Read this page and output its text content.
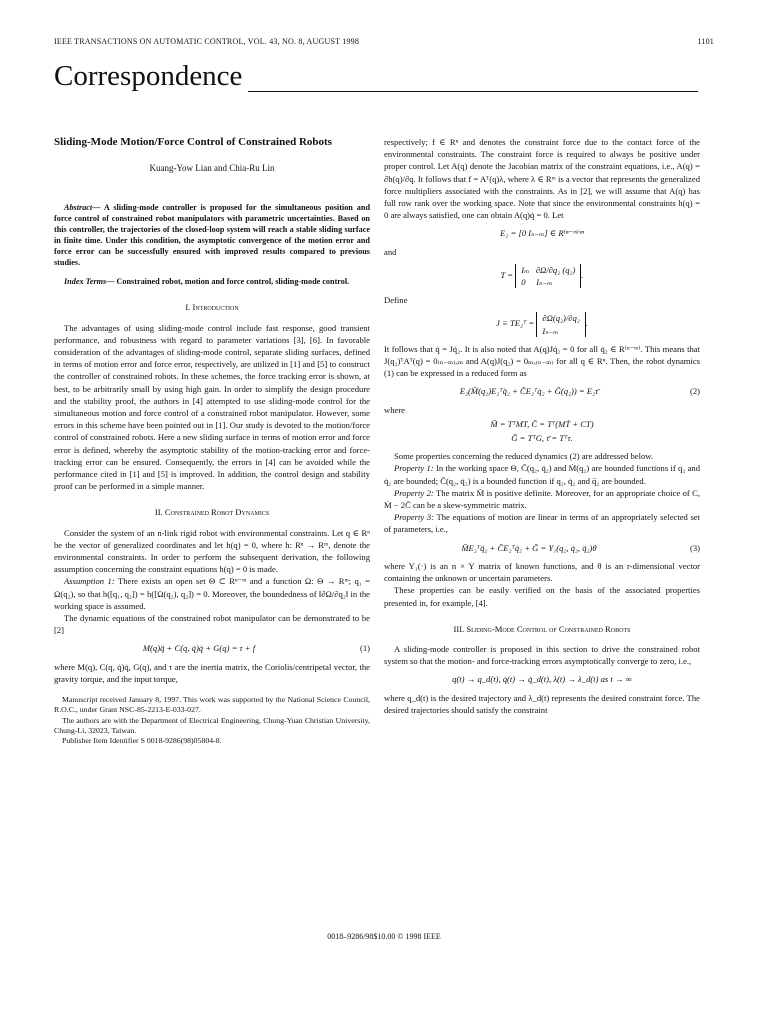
IEEE TRANSACTIONS ON AUTOMATIC CONTROL, VOL. 43, NO. 8, AUGUST 1998	1101
Correspondence

Sliding-Mode Motion/Force Control of Constrained Robots

Kuang-Yow Lian and Chia-Ru Lin

Abstract— A sliding-mode controller is proposed for the simultaneous position and force control of constrained robot manipulators with parametric uncertainties. Based on this controller, the trajectories of the closed-loop system will reach a stable sliding surface in finite time. Under this condition, the asymptotic convergence of the motion error and force error can be successfully ensured with improved results compared to previous studies.

Index Terms— Constrained robot, motion and force control, sliding-mode control.

I. Introduction

The advantages of using sliding-mode control include fast response, good transient performance, and robustness with regard to parameter variations [3], [6]. In favorable consideration of the advantages of sliding-mode control, separate sliding surfaces, defined in terms of motion error and force error, respectively, are utilized in [1] and [5] to construct the controller of constrained robots. In these schemes, the force tracking error is shown, at best, to be arbitrarily small by using high gain. In order to simplify the design procedure and the stability proof, the authors in [4] attempted to use sliding-mode control for the simultaneous motion and force control of a constrained robot manipulator. However, some errors in this scheme have been pointed out in [1]. Our study is devoted to the motion/force control of constrained robots. Here a new sliding surface in terms of motion error and force error is defined, whereby the asymptotic stability of the motion-tracking error and force-tracking error can be ensured. Consequently, the errors in [4] can be avoided while the performance cited in [1] and [5] is improved. In addition, the control design and stability proof can be performed in a simple manner.

II. Constrained Robot Dynamics

Consider the system of an n-link rigid robot with environmental constraints. Let q ∈ Rⁿ be the vector of generalized coordinates and let h(q) = 0, where h: Rⁿ → Rᵐ, denote the environmental constraints. In order to perform the subsequent derivation, the following assumption concerning the constraint equations h(q) = 0 is made.

Assumption 1: There exists an open set Θ ⊂ Rⁿ⁻ᵐ and a function Ω: Θ → Rᵐ; q₁ = Ω(q₂), so that h([q₁, q₂]) = h([Ω(q₂), q₂]) = 0. Moreover, the boundedness of ‖∂Ω/∂q₂‖ in the working space is assumed.

The dynamic equations of the constrained robot manipulator can be demonstrated to be [2]

M(q)q̈ + C(q, q̇)q̇ + G(q) = τ + f	(1)

where M(q), C(q, q̇)q̇, G(q), and τ are the inertia matrix, the Coriolis/centripetal vector, the gravity torque, and the input torque,

Manuscript received January 8, 1997. This work was supported by the National Science Council, R.O.C., under Grant NSC-85-2213-E-033-027.

The authors are with the Department of Electrical Engineering, Chung-Yuan Christian University, Chung-Li, 32023, Taiwan.

Publisher Item Identifier S 0018-9286(98)05804-8.

respectively; f ∈ Rⁿ and denotes the constraint force due to the contact force of the environmental constraints. The constraint force is required to always be positive under proper control. Let A(q) denote the Jacobian matrix of the constraint equations, i.e., A(q) = ∂h(q)/∂q. It follows that f = Aᵀ(q)λ, where λ ∈ Rᵐ is a vector that represents the generalized force multipliers associated with the constraints. As in [2], we will assume that A(q) has full row rank over the working space. Note that since the environmental constraints h(q) = 0 are always satisfied, one can obtain A(q)q̇ = 0. Let

E₂ = [0 Iₙ₋ₘ] ∈ R⁽ⁿ⁻ᵐ⁾ˣⁿ

and

T = Iₘ ∂Ω/∂q₂ (q₂)
0 Iₙ₋ₘ.

Define

J ≡ TE₂ᵀ = ∂Ω(q₂)/∂q₂
Iₙ₋ₘ.

It follows that q̇ = Jq̇₂. It is also noted that A(q)Jq̇₂ = 0 for all q̇₂ ∈ R⁽ⁿ⁻ᵐ⁾. This means that J(q₂)ᵀAᵀ(q) = 0₍ₙ₋ₘ₎ₓₘ and A(q)J(q₂) = 0ₘₓ₍ₙ₋ₘ₎ for all q ∈ Rⁿ. Then, the robot dynamics (1) can be expressed in a reduced form as

E₂(M̄(q₂)E₂ᵀq̈₂ + C̄E₂ᵀq̇₂ + Ḡ(q₂)) = E₂τ̄	(2)

where

M̄ = TᵀMT, C̄ = Tᵀ(MṪ + CT)
Ḡ = TᵀG, τ̄ = Tᵀτ.

Some properties concerning the reduced dynamics (2) are addressed below.

Property 1: In the working space Θ, C̄(q₂, q̇₂) and Ṁ(q₂) are bounded functions if q₂ and q̇₂ are bounded; C̄(q₂, q̇₂) is a bounded function if q₂, q̇₂ and q̈₂ are bounded.

Property 2: The matrix M̄ is positive definite. Moreover, for an appropriate choice of C, Ṁ − 2C̄ can be a skew-symmetric matrix.

Property 3: The equations of motion are linear in terms of an appropriately selected set of parameters, i.e.,

M̄E₂ᵀq̈₂ + C̄E₂ᵀq̇₂ + Ḡ = Y₁(q₂, q̇₂, q̈₂)θ	(3)

where Y₁(·) is an n × Y matrix of known functions, and θ is an r-dimensional vector containing the unknown or uncertain parameters.

These properties can be easily verified on the basis of the associated properties presented in, for example, [4].

III. Sliding-Mode Control of Constrained Robots

A sliding-mode controller is proposed in this section to drive the constrained robot system so that the motion- and force-tracking errors asymptotically converge to zero, i.e.,

q(t) → q_d(t), q̇(t) → q̇_d(t), λ(t) → λ_d(t) as t → ∞

where q_d(t) is the desired trajectory and λ_d(t) represents the desired constraint force. The desired trajectories should satisfy the constraint

0018–9286/98$10.00 © 1998 IEEE
